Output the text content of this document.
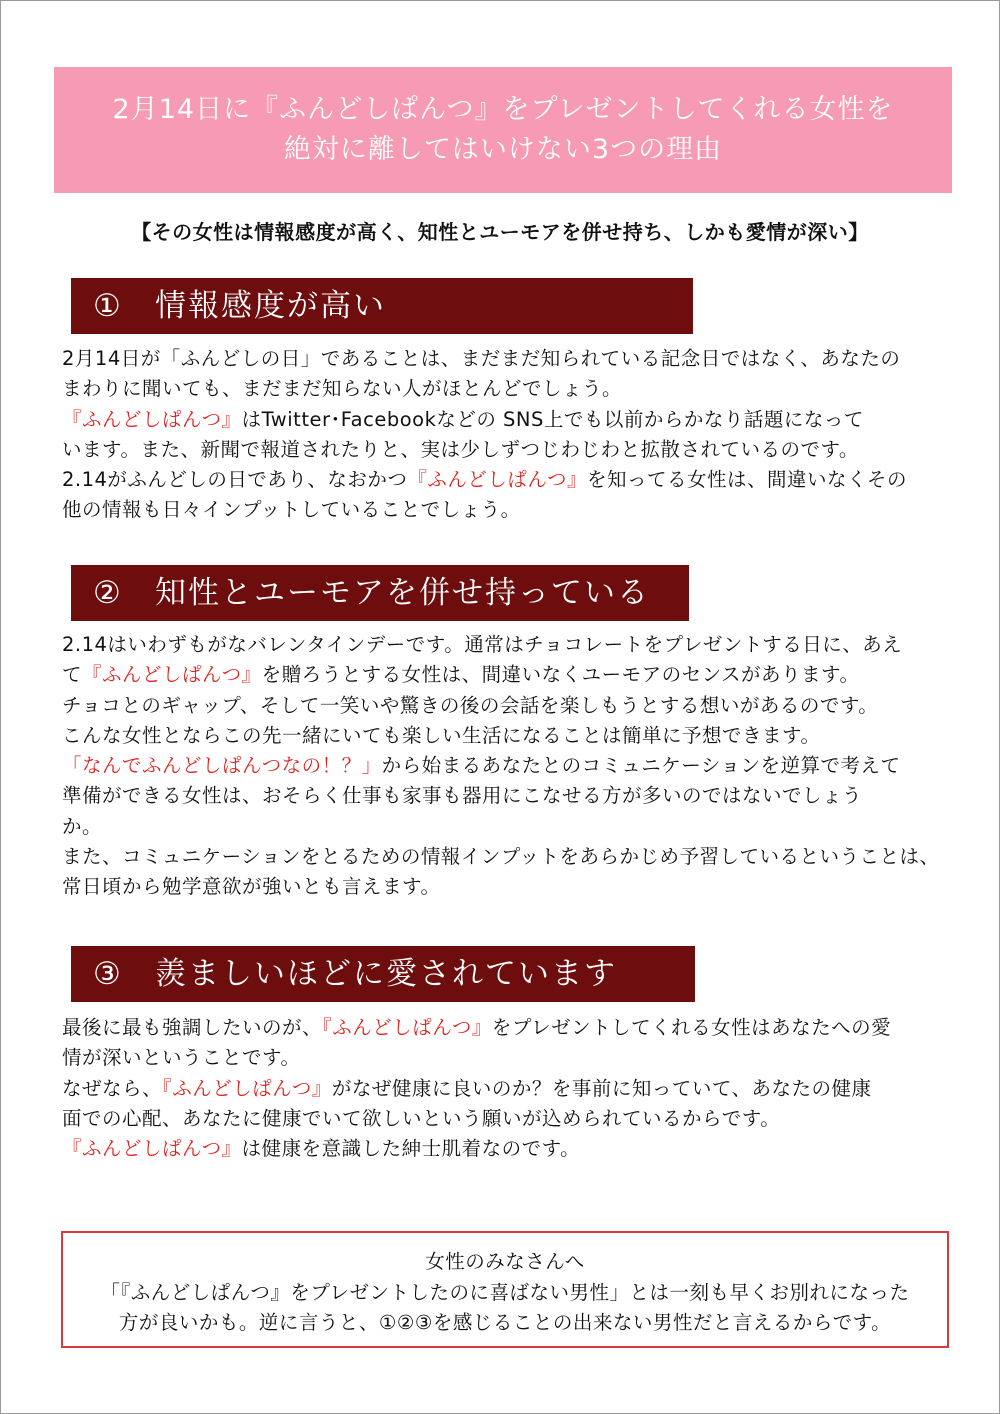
2月14日に『ふんどしぱんつ』をプレゼントしてくれる女性を
絶対に離してはいけない3つの理由
【その女性は情報感度が高く、知性とユーモアを併せ持ち、しかも愛情が深い】
① 情報感度が高い
2月14日が「ふんどしの日」であることは、まだまだ知られている記念日ではなく、あなたの
まわりに聞いても、まだまだ知らない人がほとんどでしょう。
『ふんどしぱんつ』はTwitter･Facebookなどの SNS上でも以前からかなり話題になって
います。また、新聞で報道されたりと、実は少しずつじわじわと拡散されているのです。
2.14がふんどしの日であり、なおかつ『ふんどしぱんつ』を知ってる女性は、間違いなくその
他の情報も日々インプットしていることでしょう。
② 知性とユーモアを併せ持っている
2.14はいわずもがなバレンタインデーです。通常はチョコレートをプレゼントする日に、あえ
て『ふんどしぱんつ』を贈ろうとする女性は、間違いなくユーモアのセンスがあります。
チョコとのギャップ、そして一笑いや驚きの後の会話を楽しもうとする想いがあるのです。
こんな女性とならこの先一緒にいても楽しい生活になることは簡単に予想できます。
「なんでふんどしぱんつなの！？」から始まるあなたとのコミュニケーションを逆算で考えて
準備ができる女性は、おそらく仕事も家事も器用にこなせる方が多いのではないでしょう
か。
また、コミュニケーションをとるための情報インプットをあらかじめ予習しているということは、
常日頃から勉学意欲が強いとも言えます。
③ 羨ましいほどに愛されています
最後に最も強調したいのが、『ふんどしぱんつ』をプレゼントしてくれる女性はあなたへの愛
情が深いということです。
なぜなら、『ふんどしぱんつ』がなぜ健康に良いのか？を事前に知っていて、あなたの健康
面での心配、あなたに健康でいて欲しいという願いが込められているからです。
『ふんどしぱんつ』は健康を意識した紳士肌着なのです。
女性のみなさんへ
「『ふんどしぱんつ』をプレゼントしたのに喜ばない男性」とは一刻も早くお別れになった
方が良いかも。逆に言うと、①②③を感じることの出来ない男性だと言えるからです。
